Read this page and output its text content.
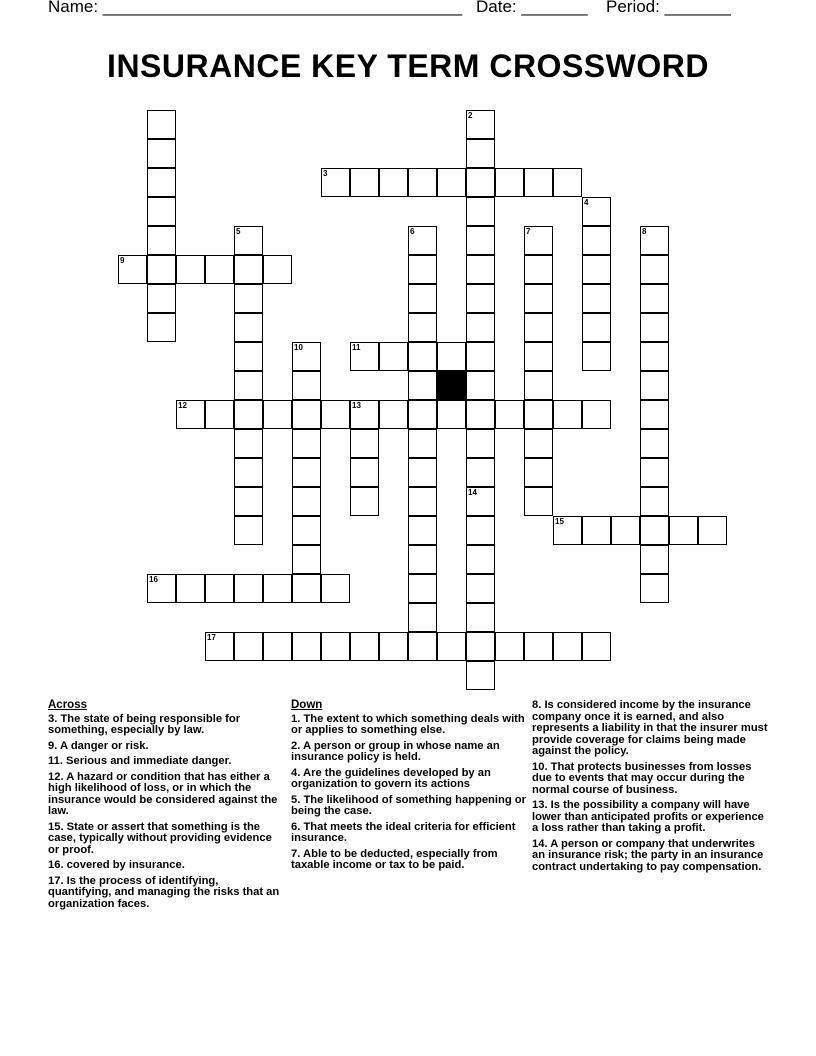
Name: ______________________________________ Date: _______ Period: _______
INSURANCE KEY TERM CROSSWORD
2
3
4
5	6	7	8
9
10	11
12	13
14
15
16
17
Across
3. The state of being responsible for something, especially by law.
9. A danger or risk.
11. Serious and immediate danger.
12. A hazard or condition that has either a high likelihood of loss, or in which the insurance would be considered against the law.
15. State or assert that something is the case, typically without providing evidence or proof.
16. covered by insurance.
17. Is the process of identifying, quantifying, and managing the risks that an organization faces.
Down
1. The extent to which something deals with or applies to something else.
2. A person or group in whose name an insurance policy is held.
4. Are the guidelines developed by an organization to govern its actions
5. The likelihood of something happening or being the case.
6. That meets the ideal criteria for efficient insurance.
7. Able to be deducted, especially from taxable income or tax to be paid.
8. Is considered income by the insurance company once it is earned, and also represents a liability in that the insurer must provide coverage for claims being made against the policy.
10. That protects businesses from losses due to events that may occur during the normal course of business.
13. Is the possibility a company will have lower than anticipated profits or experience a loss rather than taking a profit.
14. A person or company that underwrites an insurance risk; the party in an insurance contract undertaking to pay compensation.
